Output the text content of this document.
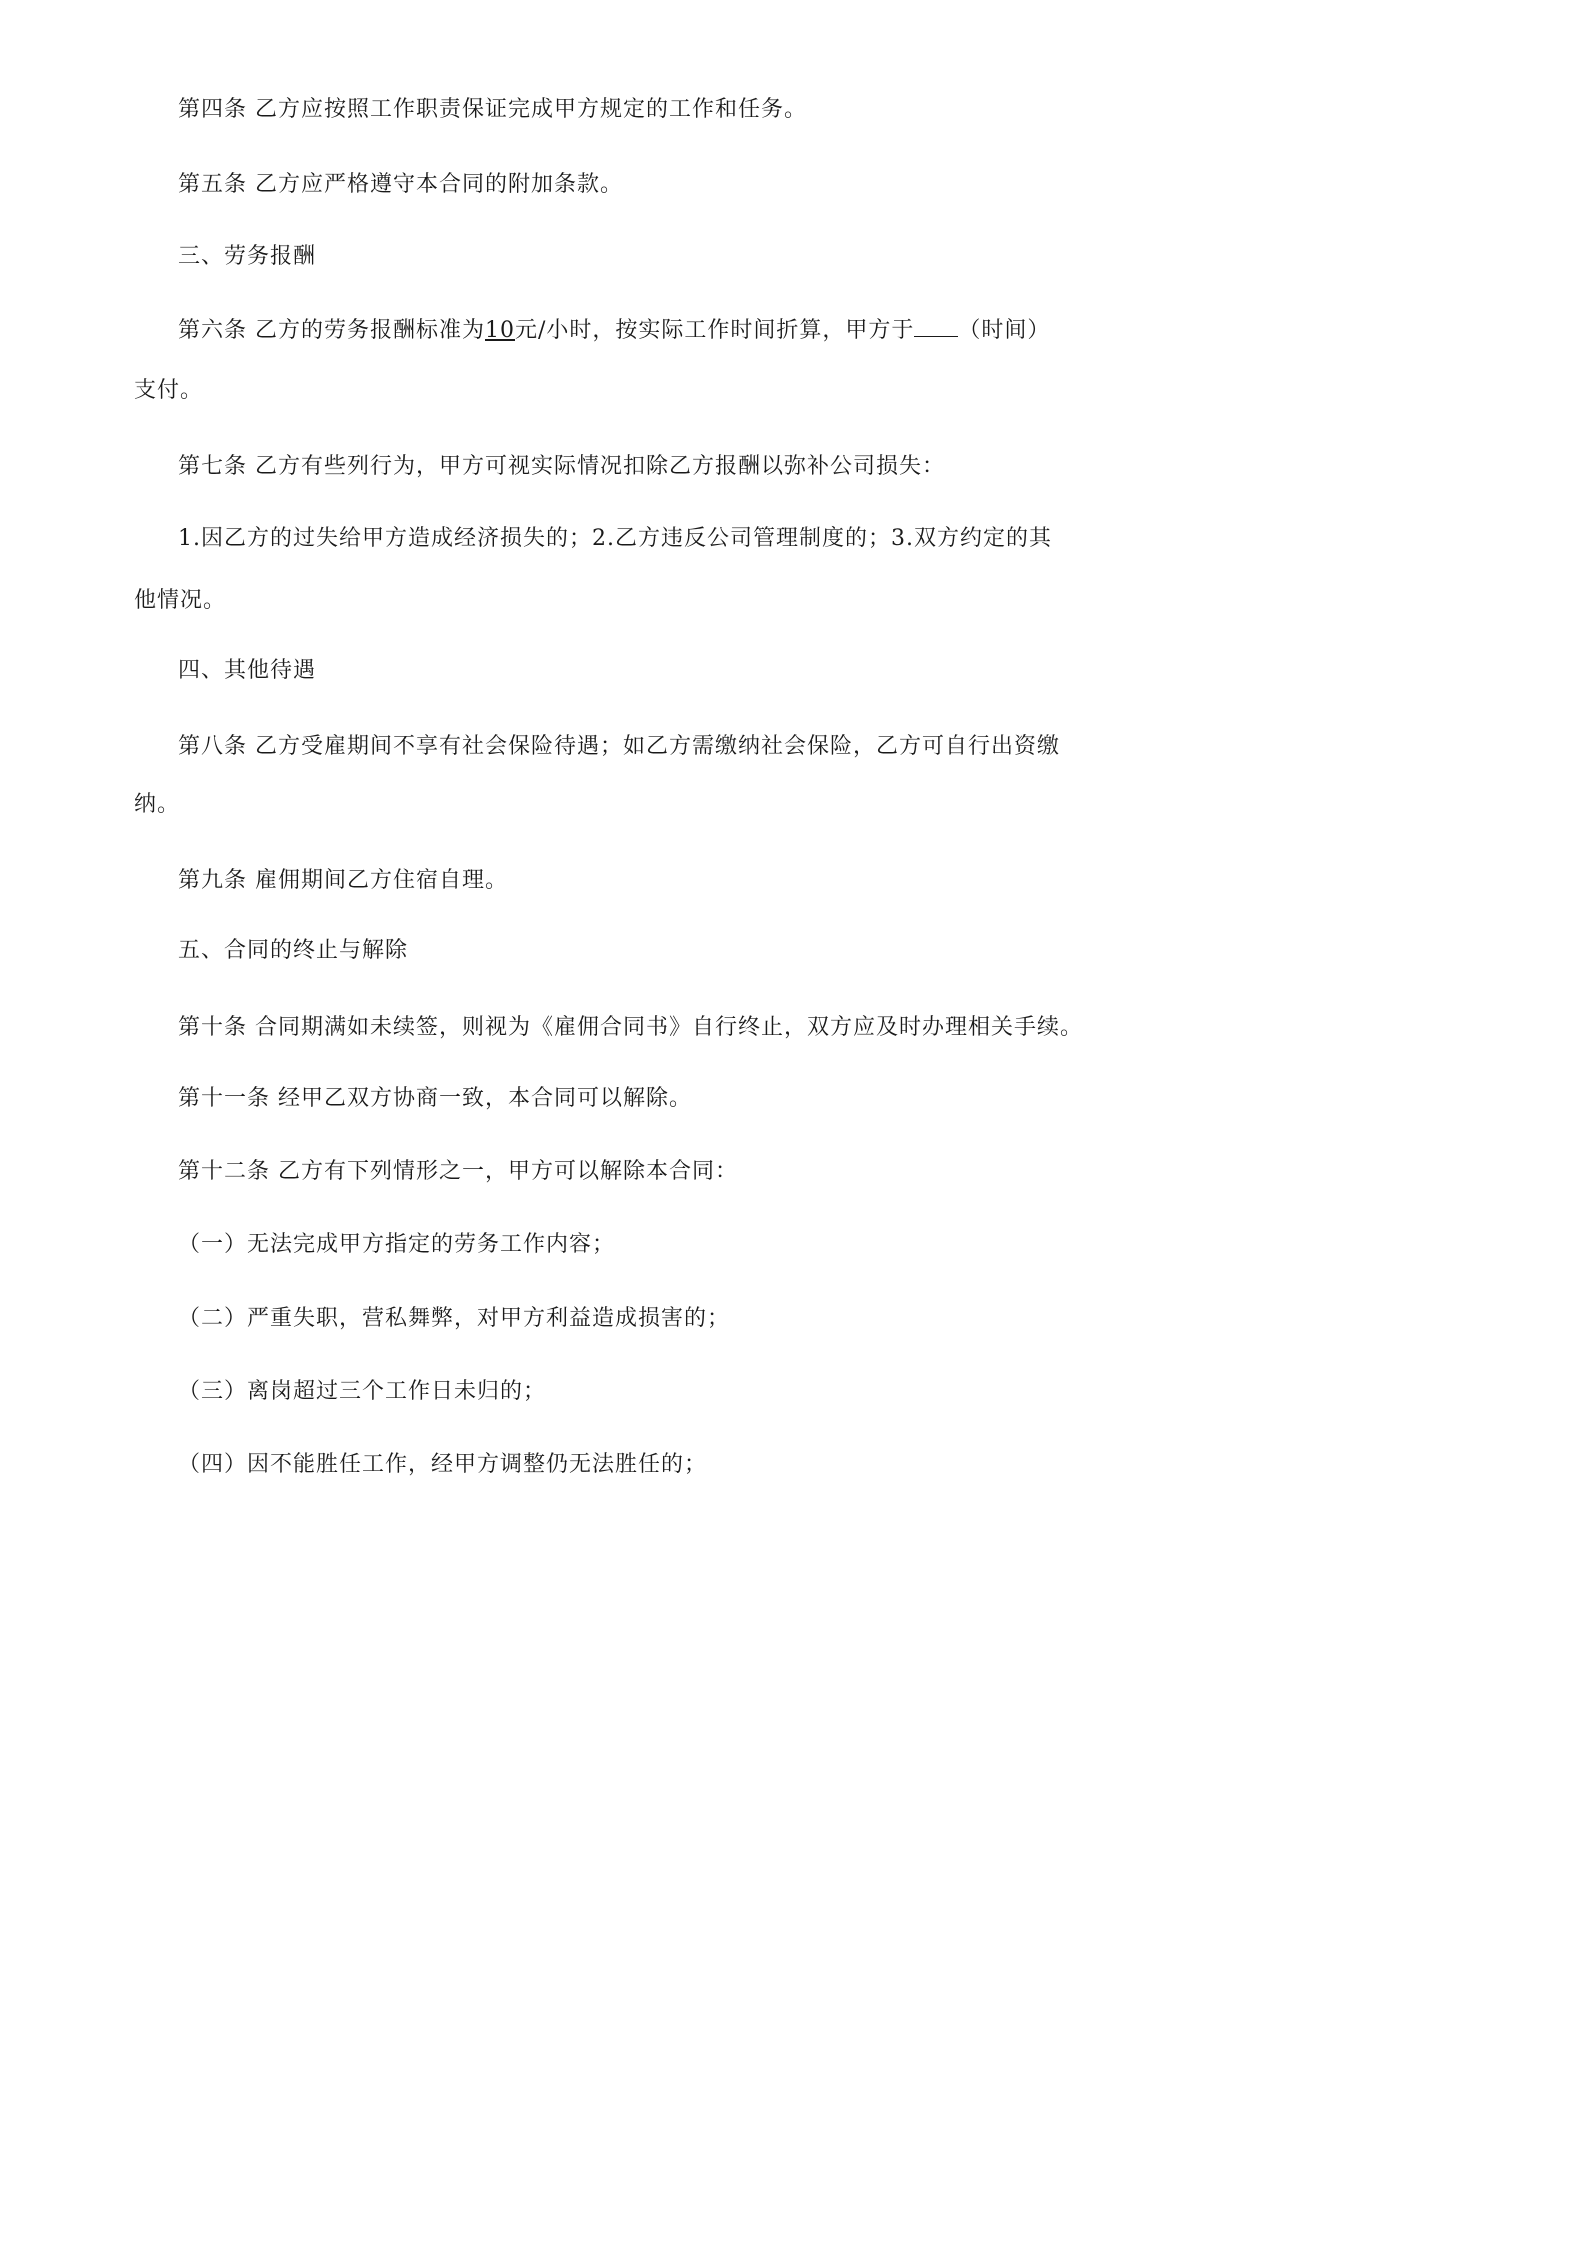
第四条 乙方应按照工作职责保证完成甲方规定的工作和任务。
第五条 乙方应严格遵守本合同的附加条款。
三、劳务报酬
第六条 乙方的劳务报酬标准为10元/小时，按实际工作时间折算，甲方于 （时间）
支付。
第七条 乙方有些列行为，甲方可视实际情况扣除乙方报酬以弥补公司损失：
1.因乙方的过失给甲方造成经济损失的；2.乙方违反公司管理制度的；3.双方约定的其
他情况。
四、其他待遇
第八条 乙方受雇期间不享有社会保险待遇；如乙方需缴纳社会保险，乙方可自行出资缴
纳。
第九条 雇佣期间乙方住宿自理。
五、合同的终止与解除
第十条 合同期满如未续签，则视为《雇佣合同书》自行终止，双方应及时办理相关手续。
第十一条 经甲乙双方协商一致，本合同可以解除。
第十二条 乙方有下列情形之一，甲方可以解除本合同：
（一）无法完成甲方指定的劳务工作内容；
（二）严重失职，营私舞弊，对甲方利益造成损害的；
（三）离岗超过三个工作日未归的；
（四）因不能胜任工作，经甲方调整仍无法胜任的；
